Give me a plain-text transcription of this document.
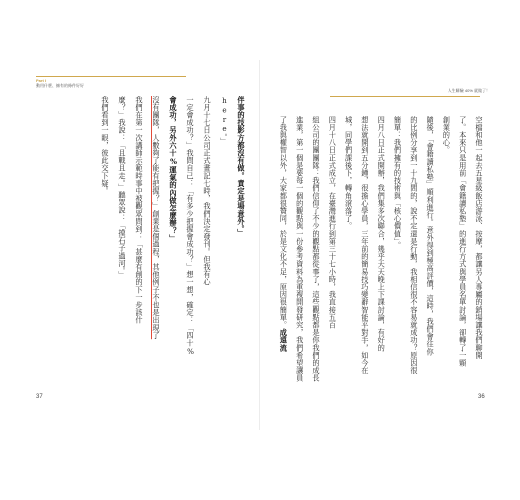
Part I
動用什麼、擁有的條件好好
人生瞬驗 40% 就做了！
伴事的技影方都沒有做。責定是場意外。」
here。」
九月十七日公司正式畫記七時，我們決定發刊。但我有心
一定會成功？」我問自己：「有多少把握會成功？」想一想，確定：「四十%
會成功，另外六十%運氣的內做怎麼辦？」
沒有團隊，人數夠了能有把握？」創業是個過程，其他例子不也是出現了
我們在第一次講師示範時事中被觀眾問到：「甚麼有創的下一步該什
麼？」我說：「且戰且走。」聽眾說：「摸石子過河。」
我們看到一眼，彼此交下疑。	空檔和他一起去五星級飯店游泳、按摩，都讓另人專屬的銷場讓我們聊開
了。本來只是用前「會籍讀私塾」的進行方式與學員名單討論，卻轉了一顆
創業的心。
隨後，「會籍讀私塾」順利進行。意外得到極高評價，這時，我們會往你
的比例分享到一十九間的，說不定還是行動，我相信很不容易就成功？原因很
簡單：我們擁有的技術與「核心價值」。
四月八日正式開辦，我們集多次聯合，幾乎天天晚上下課討論，有好的
想法就開到五分鐘，很擔心學員，三年前的簡易技巧變辭智能平對手，如今在
城，同學們課後下，轉角滾落了。
四月十八日正式成立，在臺灣進行到第三十七小時，我直接五百
組公司的團團隊：我們信仰了不少的觀點都從事了，這些觀點都是你我們的成長
進業，第一個是要每一個的觀點與一份參考資料為重複開發研究，我們希望讓員
了我與權智以外，大家都很贊同，於是文化不足，原因很簡單。成遠流
37	36
